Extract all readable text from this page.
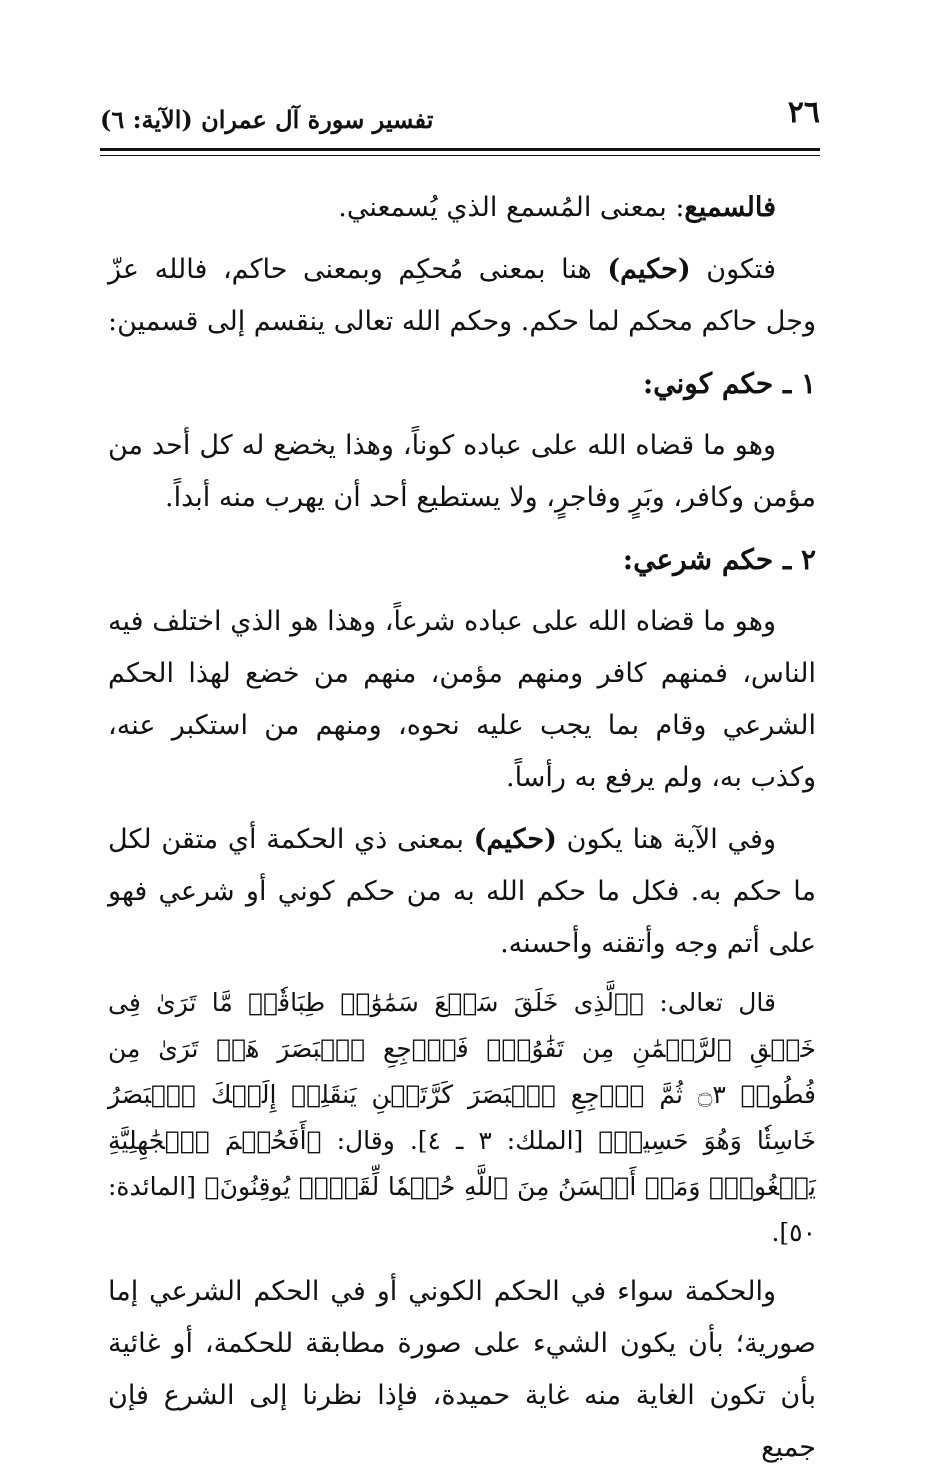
٢٦
تفسير سورة آل عمران (الآية: ٦)

فالسميع: بمعنى المُسمع الذي يُسمعني.

فتكون (حكيم) هنا بمعنى مُحكِم وبمعنى حاكم، فالله عزّ وجل حاكم محكم لما حكم. وحكم الله تعالى ينقسم إلى قسمين:

١ ـ حكم كوني:

وهو ما قضاه الله على عباده كوناً، وهذا يخضع له كل أحد من مؤمن وكافر، وبَرٍ وفاجرٍ، ولا يستطيع أحد أن يهرب منه أبداً.

٢ ـ حكم شرعي:

وهو ما قضاه الله على عباده شرعاً، وهذا هو الذي اختلف فيه الناس، فمنهم كافر ومنهم مؤمن، منهم من خضع لهذا الحكم الشرعي وقام بما يجب عليه نحوه، ومنهم من استكبر عنه، وكذب به، ولم يرفع به رأساً.

وفي الآية هنا يكون (حكيم) بمعنى ذي الحكمة أي متقن لكل ما حكم به. فكل ما حكم الله به من حكم كوني أو شرعي فهو على أتم وجه وأتقنه وأحسنه.

قال تعالى: ﴿ٱلَّذِى خَلَقَ سَبۡعَ سَمَٰوَٰتٖ طِبَاقٗاۖ مَّا تَرَىٰ فِى خَلۡقِ ٱلرَّحۡمَٰنِ مِن تَفَٰوُتٖۖ فَٱرۡجِعِ ٱلۡبَصَرَ هَلۡ تَرَىٰ مِن فُطُورٖ ۝٣ ثُمَّ ٱرۡجِعِ ٱلۡبَصَرَ كَرَّتَيۡنِ يَنقَلِبۡ إِلَيۡكَ ٱلۡبَصَرُ خَاسِئٗا وَهُوَ حَسِيرٞ﴾ [الملك: ٣ ـ ٤]. وقال: ﴿أَفَحُكۡمَ ٱلۡجَٰهِلِيَّةِ يَبۡغُونَۚ وَمَنۡ أَحۡسَنُ مِنَ ٱللَّهِ حُكۡمٗا لِّقَوۡمٖ يُوقِنُونَ﴾ [المائدة: ٥٠].

والحكمة سواء في الحكم الكوني أو في الحكم الشرعي إما صورية؛ بأن يكون الشيء على صورة مطابقة للحكمة، أو غائية بأن تكون الغاية منه غاية حميدة، فإذا نظرنا إلى الشرع فإن جميع
